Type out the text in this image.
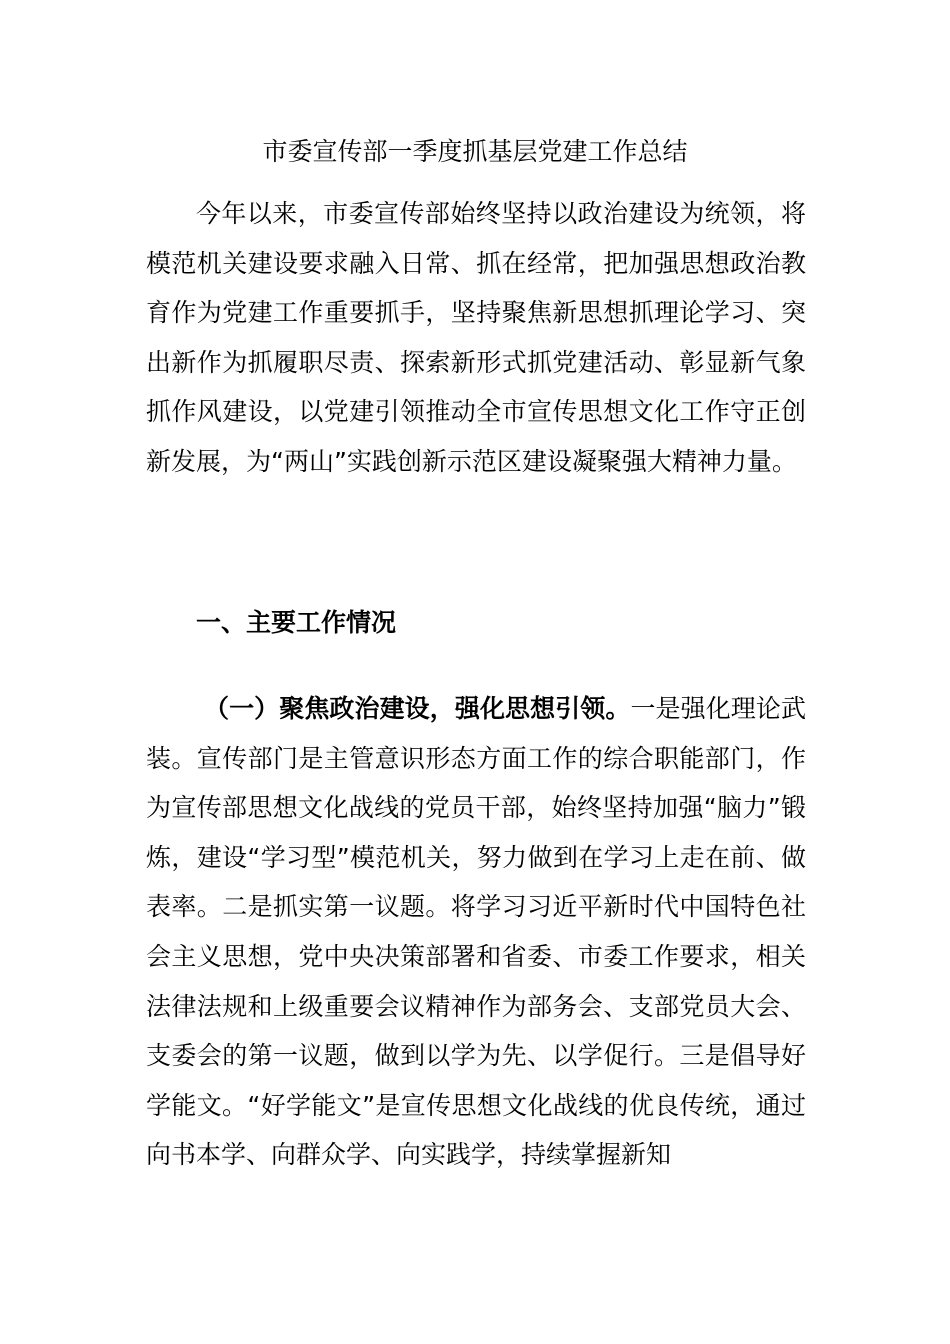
市委宣传部一季度抓基层党建工作总结

今年以来，市委宣传部始终坚持以政治建设为统领，将模范机关建设要求融入日常、抓在经常，把加强思想政治教育作为党建工作重要抓手，坚持聚焦新思想抓理论学习、突出新作为抓履职尽责、探索新形式抓党建活动、彰显新气象抓作风建设，以党建引领推动全市宣传思想文化工作守正创新发展，为“两山”实践创新示范区建设凝聚强大精神力量。

一、主要工作情况

（一）聚焦政治建设，强化思想引领。一是强化理论武装。宣传部门是主管意识形态方面工作的综合职能部门，作为宣传部思想文化战线的党员干部，始终坚持加强“脑力”锻炼，建设“学习型”模范机关，努力做到在学习上走在前、做表率。二是抓实第一议题。将学习习近平新时代中国特色社会主义思想，党中央决策部署和省委、市委工作要求，相关法律法规和上级重要会议精神作为部务会、支部党员大会、支委会的第一议题，做到以学为先、以学促行。三是倡导好学能文。“好学能文”是宣传思想文化战线的优良传统，通过向书本学、向群众学、向实践学，持续掌握新知
